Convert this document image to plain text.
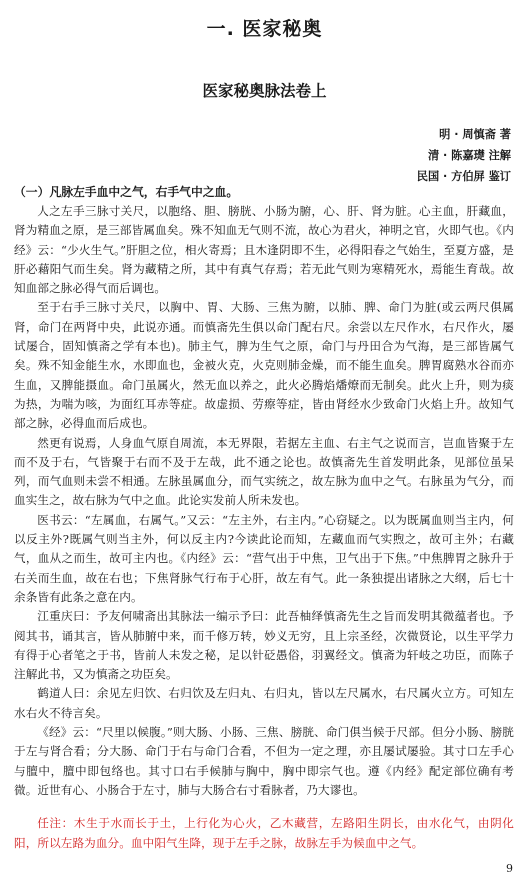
一. 医家秘奥
医家秘奥脉法卷上
明 · 周慎斋 著
清 · 陈嘉璴 注解
民国 · 方伯屏 鉴订
（一）凡脉左手血中之气，右手气中之血。

人之左手三脉寸关尺，以胞络、胆、膀胱、小肠为腑，心、肝、肾为脏。心主血，肝藏血，肾为精血之原，是三部皆属血矣。殊不知血无气则不流，故心为君火，神明之官，火即气也。《内经》云：“少火生气。”肝胆之位，相火寄焉；且木逢阴即不生，必得阳春之气始生，至夏方盛，是肝必藉阳气而生矣。肾为藏精之所，其中有真气存焉；若无此气则为寒精死水，焉能生育哉。故知血部之脉必得气而后调也。

至于右手三脉寸关尺，以胸中、胃、大肠、三焦为腑，以肺、脾、命门为脏(或云两尺俱属肾，命门在两肾中央，此说亦通。而慎斋先生俱以命门配右尺。余尝以左尺作水，右尺作火，屡试屡合，固知慎斋之学有本也)。肺主气，脾为生气之原，命门与丹田合为气海，是三部皆属气矣。殊不知金能生水，水即血也，金被火克，火克则肺金燥，而不能生血矣。脾胃腐熟水谷而亦生血，又脾能摄血。命门虽属火，然无血以养之，此火必腾焰燔燎而无制矣。此火上升，则为痰为热，为喘为咳，为面红耳赤等症。故虚损、劳瘵等症，皆由肾经水少致命门火焰上升。故知气部之脉，必得血而后成也。

然更有说焉，人身血气原自周流，本无界限，若据左主血、右主气之说而言，岂血皆聚于左而不及于右，气皆聚于右而不及于左哉，此不通之论也。故慎斋先生首发明此条，见部位虽呆列，而气血则未尝不相通。左脉虽属血分，而气实统之，故左脉为血中之气。右脉虽为气分，而血实生之，故右脉为气中之血。此论实发前人所未发也。

医书云：“左属血，右属气。”又云：“左主外，右主内。”心窃疑之。以为既属血则当主内，何以反主外?既属气则当主外，何以反主内?今读此论而知，左藏血而气实煦之，故可主外；右藏气，血从之而生，故可主内也。《内经》云：“营气出于中焦，卫气出于下焦。”中焦脾胃之脉升于右关而生血，故在右也；下焦肾脉气行布于心肝，故左有气。此一条独提出诸脉之大纲，后七十余条皆有此条之意在内。

江重庆曰：予友何啸斋出其脉法一编示予曰：此吾柚绎慎斋先生之旨而发明其微蕴者也。予阅其书，诵其言，皆从肺腑中来，而千修万转，妙义无穷，且上宗圣经，次微贤论，以生平学力有得于心者笔之于书，皆前人未发之秘，足以针砭愚俗，羽翼经文。慎斋为轩岐之功臣，而陈子注解此书，又为慎斋之功臣矣。

鹤道人曰：余见左归饮、右归饮及左归丸、右归丸，皆以左尺属水，右尺属火立方。可知左水右火不待言矣。

《经》云：“尺里以候腹。”则大肠、小肠、三焦、膀胱、命门俱当候于尺部。但分小肠、膀胱于左与肾合看；分大肠、命门于右与命门合看，不但为一定之理，亦且屡试屡验。其寸口左手心与膻中，膻中即包络也。其寸口右手候肺与胸中，胸中即宗气也。遵《内经》配定部位确有考微。近世有心、小肠合于左寸，肺与大肠合右寸看脉者，乃大谬也。

任注：木生于水而长于土，上行化为心火，乙木藏营，左路阳生阴长，由水化气，由阴化阳，所以左路为血分。血中阳气生降，现于左手之脉，故脉左手为候血中之气。

9
